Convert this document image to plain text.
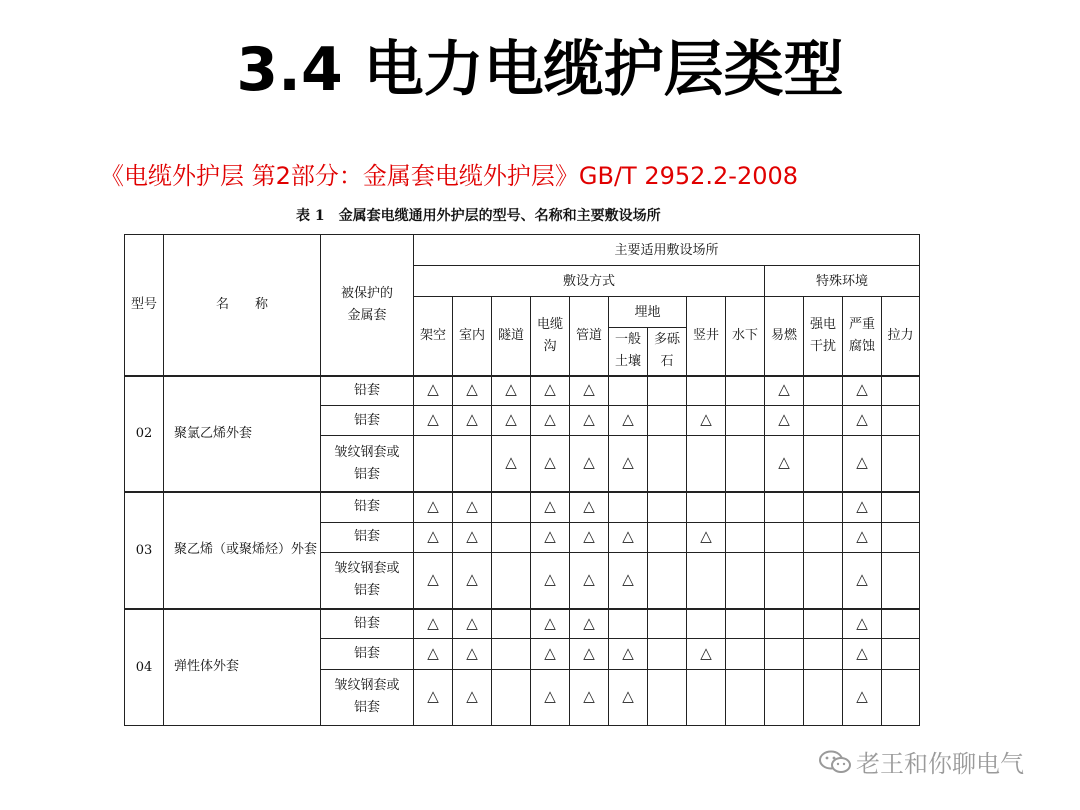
3.4 电力电缆护层类型
《电缆外护层 第2部分：金属套电缆外护层》GB/T 2952.2-2008
表 1　金属套电缆通用外护层的型号、名称和主要敷设场所
型号	名　　称	被保护的金属套	主要适用敷设场所												
			敷设方式									特殊环境			
			架空	室内	隧道	电缆沟	管道	埋地		竖井	水下	易燃	强电干扰	严重腐蚀	拉力
								一般土壤	多砾石						
02	聚氯乙烯外套	铅套	△	△	△	△	△					△		△	
		铝套	△	△	△	△	△	△		△		△		△	
		皱纹钢套或铝套			△	△	△	△				△		△	
03	聚乙烯（或聚烯烃）外套	铅套	△	△		△	△							△	
		铝套	△	△		△	△	△		△				△	
		皱纹钢套或铝套	△	△		△	△	△						△	
04	弹性体外套	铅套	△	△		△	△							△	
		铝套	△	△		△	△	△		△				△	
		皱纹钢套或铝套	△	△		△	△	△						△	
老王和你聊电气
